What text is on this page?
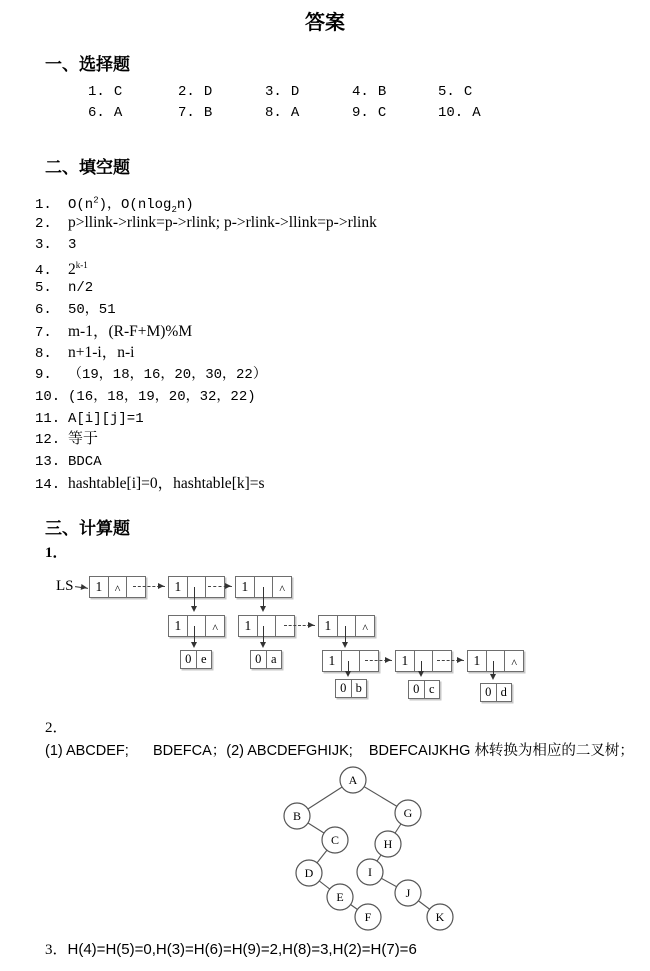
答案
一、选择题
1. C	2. D	3. D	4. B	5. C
6. A	7. B	8. A	9. C	10. A
二、填空题
1. $O(n^2)$，O(nlog$_2$n)
2. p>llink->rlink=p->rlink; p->rlink->llink=p->rlink
3. 3
4. 2$^{k-1}$
5. n/2
6. 50，51
7. m-1，(R-F+M)%M
8. n+1-i，n-i
9. （19，18，16，20，30，22）
10. (16，18，19，20，32，22)
11. A[i][j]=1
12. 等于
13. BDCA
14. hashtable[i]=0，hashtable[k]=s
三、计算题
1．
LS	1	^	1	1	^
1	^	1	1	^
1	1	1	^
0 e	0 a
0 b	0 c	0 d
2．
(1) ABCDEF;      BDEFCA；(2) ABCDEFGHIJK;    BDEFCAIJKHG 林转换为相应的二叉树；
A
B	G
C	H
D	I
E	J
F	K
3．H(4)=H(5)=0,H(3)=H(6)=H(9)=2,H(8)=3,H(2)=H(7)=6
